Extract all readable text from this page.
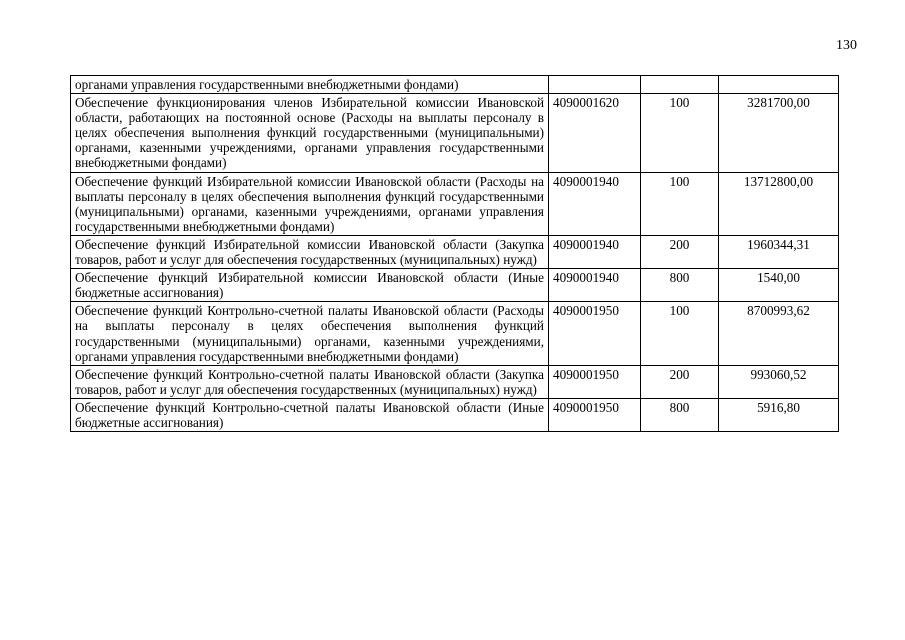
130
органами управления государственными внебюджетными фондами)			
Обеспечение функционирования членов Избирательной комиссии Ивановской области, работающих на постоянной основе (Расходы на выплаты персоналу в целях обеспечения выполнения функций государственными (муниципальными) органами, казенными учреждениями, органами управления государственными внебюджетными фондами)	4090001620	100	3281700,00
Обеспечение функций Избирательной комиссии Ивановской области (Расходы на выплаты персоналу в целях обеспечения выполнения функций государственными (муниципальными) органами, казенными учреждениями, органами управления государственными внебюджетными фондами)	4090001940	100	13712800,00
Обеспечение функций Избирательной комиссии Ивановской области (Закупка товаров, работ и услуг для обеспечения государственных (муниципальных) нужд)	4090001940	200	1960344,31
Обеспечение функций Избирательной комиссии Ивановской области (Иные бюджетные ассигнования)	4090001940	800	1540,00
Обеспечение функций Контрольно-счетной палаты Ивановской области (Расходы на выплаты персоналу в целях обеспечения выполнения функций государственными (муниципальными) органами, казенными учреждениями, органами управления государственными внебюджетными фондами)	4090001950	100	8700993,62
Обеспечение функций Контрольно-счетной палаты Ивановской области (Закупка товаров, работ и услуг для обеспечения государственных (муниципальных) нужд)	4090001950	200	993060,52
Обеспечение функций Контрольно-счетной палаты Ивановской области (Иные бюджетные ассигнования)	4090001950	800	5916,80
